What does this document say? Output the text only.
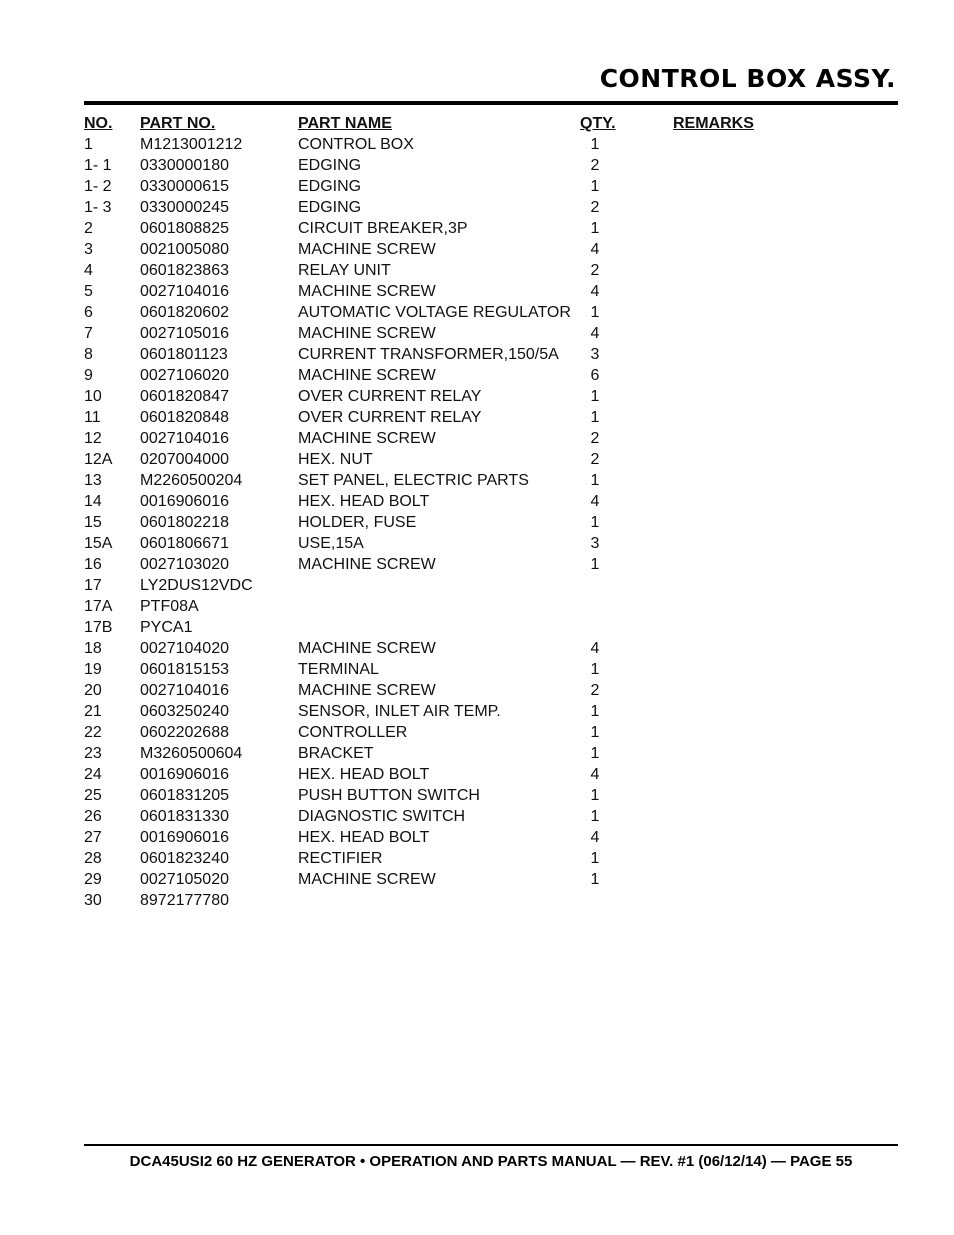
CONTROL BOX ASSY.
NO. PART NO.	PART NAME	QTY.	REMARKS
1	M1213001212	CONTROL BOX	1
1- 1 0330000180	EDGING	2
1- 2 0330000615	EDGING	1
1- 3 0330000245	EDGING	2
2	0601808825	CIRCUIT BREAKER,3P	1
3	0021005080	MACHINE SCREW	4
4	0601823863	RELAY UNIT	2
5	0027104016	MACHINE SCREW	4
6	0601820602	AUTOMATIC VOLTAGE REGULATOR	1
7	0027105016	MACHINE SCREW	4
8	0601801123	CURRENT TRANSFORMER,150/5A	3
9	0027106020	MACHINE SCREW	6
10 0601820847	OVER CURRENT RELAY	1
11 0601820848	OVER CURRENT RELAY	1
12 0027104016	MACHINE SCREW	2
12A 0207004000	HEX. NUT	2
13 M2260500204	SET PANEL, ELECTRIC PARTS	1
14 0016906016	HEX. HEAD BOLT	4
15 0601802218	HOLDER, FUSE	1
15A 0601806671	USE,15A	3
16 0027103020	MACHINE SCREW	1
17 LY2DUS12VDC
17A PTF08A
17B PYCA1
18 0027104020	MACHINE SCREW	4
19 0601815153	TERMINAL	1
20 0027104016	MACHINE SCREW	2
21 0603250240	SENSOR, INLET AIR TEMP.	1
22 0602202688	CONTROLLER	1
23 M3260500604	BRACKET	1
24 0016906016	HEX. HEAD BOLT	4
25 0601831205	PUSH BUTTON SWITCH	1
26 0601831330	DIAGNOSTIC SWITCH	1
27 0016906016	HEX. HEAD BOLT	4
28 0601823240	RECTIFIER	1
29 0027105020	MACHINE SCREW	1
30 8972177780
DCA45USI2 60 HZ GENERATOR • OPERATION AND PARTS MANUAL — REV. #1 (06/12/14) — PAGE 55
